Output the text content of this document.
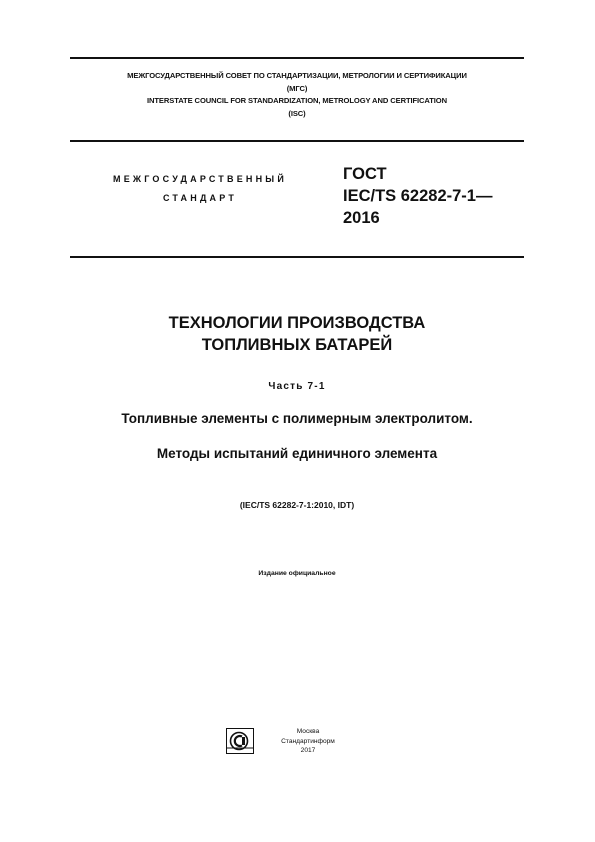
МЕЖГОСУДАРСТВЕННЫЙ СОВЕТ ПО СТАНДАРТИЗАЦИИ, МЕТРОЛОГИИ И СЕРТИФИКАЦИИ
(МГС)
INTERSTATE COUNCIL FOR STANDARDIZATION, METROLOGY AND CERTIFICATION
(ISC)
МЕЖГОСУДАРСТВЕННЫЙ
СТАНДАРТ
ГОСТ
IEC/TS 62282-7-1—
2016
ТЕХНОЛОГИИ ПРОИЗВОДСТВА
ТОПЛИВНЫХ БАТАРЕЙ
Часть 7-1
Топливные элементы с полимерным электролитом.
Методы испытаний единичного элемента
(IEC/TS 62282-7-1:2010, IDT)
Издание официальное
Москва
Стандартинформ
2017
